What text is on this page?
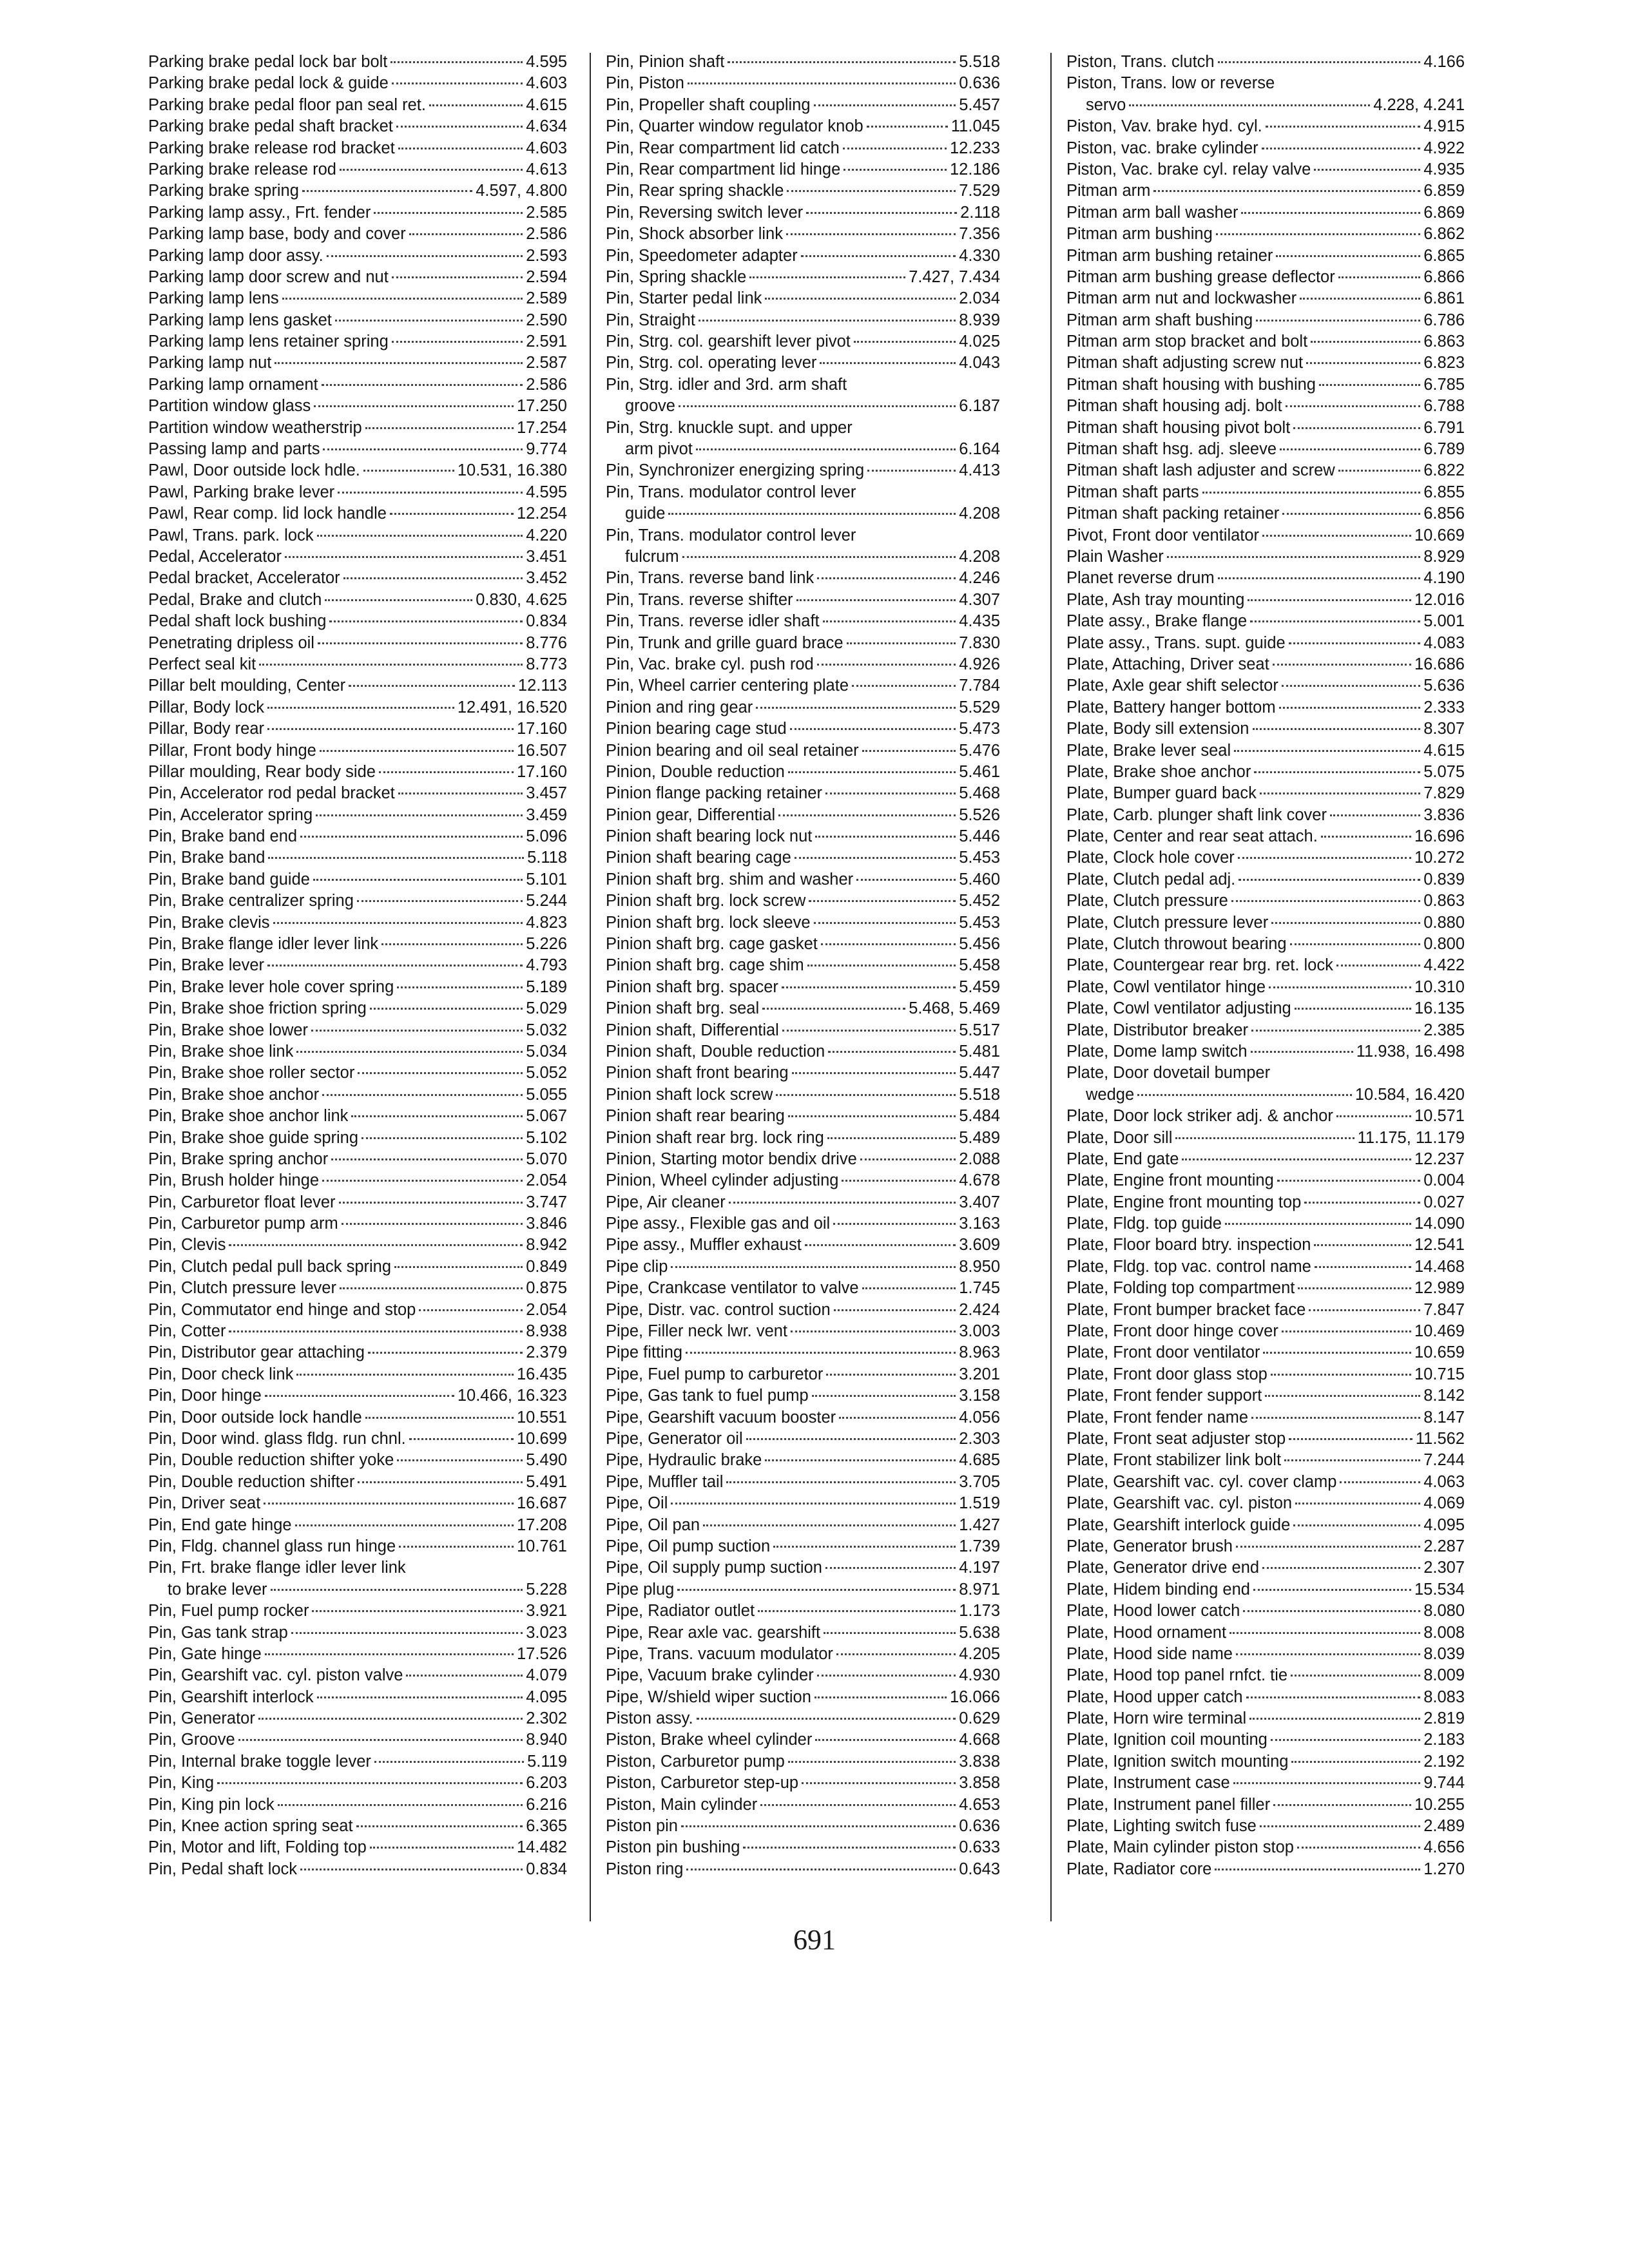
Parking brake pedal lock bar bolt	4.595
Parking brake pedal lock & guide	4.603
Parking brake pedal floor pan seal ret.	4.615
Parking brake pedal shaft bracket	4.634
Parking brake release rod bracket	4.603
Parking brake release rod	4.613
Parking brake spring	4.597, 4.800
Parking lamp assy., Frt. fender	2.585
Parking lamp base, body and cover	2.586
Parking lamp door assy.	2.593
Parking lamp door screw and nut	2.594
Parking lamp lens	2.589
Parking lamp lens gasket	2.590
Parking lamp lens retainer spring	2.591
Parking lamp nut	2.587
Parking lamp ornament	2.586
Partition window glass	17.250
Partition window weatherstrip	17.254
Passing lamp and parts	9.774
Pawl, Door outside lock hdle.	10.531, 16.380
Pawl, Parking brake lever	4.595
Pawl, Rear comp. lid lock handle	12.254
Pawl, Trans. park. lock	4.220
Pedal, Accelerator	3.451
Pedal bracket, Accelerator	3.452
Pedal, Brake and clutch	0.830, 4.625
Pedal shaft lock bushing	0.834
Penetrating dripless oil	8.776
Perfect seal kit	8.773
Pillar belt moulding, Center	12.113
Pillar, Body lock	12.491, 16.520
Pillar, Body rear	17.160
Pillar, Front body hinge	16.507
Pillar moulding, Rear body side	17.160
Pin, Accelerator rod pedal bracket	3.457
Pin, Accelerator spring	3.459
Pin, Brake band end	5.096
Pin, Brake band	5.118
Pin, Brake band guide	5.101
Pin, Brake centralizer spring	5.244
Pin, Brake clevis	4.823
Pin, Brake flange idler lever link	5.226
Pin, Brake lever	4.793
Pin, Brake lever hole cover spring	5.189
Pin, Brake shoe friction spring	5.029
Pin, Brake shoe lower	5.032
Pin, Brake shoe link	5.034
Pin, Brake shoe roller sector	5.052
Pin, Brake shoe anchor	5.055
Pin, Brake shoe anchor link	5.067
Pin, Brake shoe guide spring	5.102
Pin, Brake spring anchor	5.070
Pin, Brush holder hinge	2.054
Pin, Carburetor float lever	3.747
Pin, Carburetor pump arm	3.846
Pin, Clevis	8.942
Pin, Clutch pedal pull back spring	0.849
Pin, Clutch pressure lever	0.875
Pin, Commutator end hinge and stop	2.054
Pin, Cotter	8.938
Pin, Distributor gear attaching	2.379
Pin, Door check link	16.435
Pin, Door hinge	10.466, 16.323
Pin, Door outside lock handle	10.551
Pin, Door wind. glass fldg. run chnl.	10.699
Pin, Double reduction shifter yoke	5.490
Pin, Double reduction shifter	5.491
Pin, Driver seat	16.687
Pin, End gate hinge	17.208
Pin, Fldg. channel glass run hinge	10.761
Pin, Frt. brake flange idler lever link
to brake lever	5.228
Pin, Fuel pump rocker	3.921
Pin, Gas tank strap	3.023
Pin, Gate hinge	17.526
Pin, Gearshift vac. cyl. piston valve	4.079
Pin, Gearshift interlock	4.095
Pin, Generator	2.302
Pin, Groove	8.940
Pin, Internal brake toggle lever	5.119
Pin, King	6.203
Pin, King pin lock	6.216
Pin, Knee action spring seat	6.365
Pin, Motor and lift, Folding top	14.482
Pin, Pedal shaft lock	0.834
Pin, Pinion shaft	5.518
Pin, Piston	0.636
Pin, Propeller shaft coupling	5.457
Pin, Quarter window regulator knob	11.045
Pin, Rear compartment lid catch	12.233
Pin, Rear compartment lid hinge	12.186
Pin, Rear spring shackle	7.529
Pin, Reversing switch lever	2.118
Pin, Shock absorber link	7.356
Pin, Speedometer adapter	4.330
Pin, Spring shackle	7.427, 7.434
Pin, Starter pedal link	2.034
Pin, Straight	8.939
Pin, Strg. col. gearshift lever pivot	4.025
Pin, Strg. col. operating lever	4.043
Pin, Strg. idler and 3rd. arm shaft
groove	6.187
Pin, Strg. knuckle supt. and upper
arm pivot	6.164
Pin, Synchronizer energizing spring	4.413
Pin, Trans. modulator control lever
guide	4.208
Pin, Trans. modulator control lever
fulcrum	4.208
Pin, Trans. reverse band link	4.246
Pin, Trans. reverse shifter	4.307
Pin, Trans. reverse idler shaft	4.435
Pin, Trunk and grille guard brace	7.830
Pin, Vac. brake cyl. push rod	4.926
Pin, Wheel carrier centering plate	7.784
Pinion and ring gear	5.529
Pinion bearing cage stud	5.473
Pinion bearing and oil seal retainer	5.476
Pinion, Double reduction	5.461
Pinion flange packing retainer	5.468
Pinion gear, Differential	5.526
Pinion shaft bearing lock nut	5.446
Pinion shaft bearing cage	5.453
Pinion shaft brg. shim and washer	5.460
Pinion shaft brg. lock screw	5.452
Pinion shaft brg. lock sleeve	5.453
Pinion shaft brg. cage gasket	5.456
Pinion shaft brg. cage shim	5.458
Pinion shaft brg. spacer	5.459
Pinion shaft brg. seal	5.468, 5.469
Pinion shaft, Differential	5.517
Pinion shaft, Double reduction	5.481
Pinion shaft front bearing	5.447
Pinion shaft lock screw	5.518
Pinion shaft rear bearing	5.484
Pinion shaft rear brg. lock ring	5.489
Pinion, Starting motor bendix drive	2.088
Pinion, Wheel cylinder adjusting	4.678
Pipe, Air cleaner	3.407
Pipe assy., Flexible gas and oil	3.163
Pipe assy., Muffler exhaust	3.609
Pipe clip	8.950
Pipe, Crankcase ventilator to valve	1.745
Pipe, Distr. vac. control suction	2.424
Pipe, Filler neck lwr. vent	3.003
Pipe fitting	8.963
Pipe, Fuel pump to carburetor	3.201
Pipe, Gas tank to fuel pump	3.158
Pipe, Gearshift vacuum booster	4.056
Pipe, Generator oil	2.303
Pipe, Hydraulic brake	4.685
Pipe, Muffler tail	3.705
Pipe, Oil	1.519
Pipe, Oil pan	1.427
Pipe, Oil pump suction	1.739
Pipe, Oil supply pump suction	4.197
Pipe plug	8.971
Pipe, Radiator outlet	1.173
Pipe, Rear axle vac. gearshift	5.638
Pipe, Trans. vacuum modulator	4.205
Pipe, Vacuum brake cylinder	4.930
Pipe, W/shield wiper suction	16.066
Piston assy.	0.629
Piston, Brake wheel cylinder	4.668
Piston, Carburetor pump	3.838
Piston, Carburetor step-up	3.858
Piston, Main cylinder	4.653
Piston pin	0.636
Piston pin bushing	0.633
Piston ring	0.643
Piston, Trans. clutch	4.166
Piston, Trans. low or reverse
servo	4.228, 4.241
Piston, Vav. brake hyd. cyl.	4.915
Piston, vac. brake cylinder	4.922
Piston, Vac. brake cyl. relay valve	4.935
Pitman arm	6.859
Pitman arm ball washer	6.869
Pitman arm bushing	6.862
Pitman arm bushing retainer	6.865
Pitman arm bushing grease deflector	6.866
Pitman arm nut and lockwasher	6.861
Pitman arm shaft bushing	6.786
Pitman arm stop bracket and bolt	6.863
Pitman shaft adjusting screw nut	6.823
Pitman shaft housing with bushing	6.785
Pitman shaft housing adj. bolt	6.788
Pitman shaft housing pivot bolt	6.791
Pitman shaft hsg. adj. sleeve	6.789
Pitman shaft lash adjuster and screw	6.822
Pitman shaft parts	6.855
Pitman shaft packing retainer	6.856
Pivot, Front door ventilator	10.669
Plain Washer	8.929
Planet reverse drum	4.190
Plate, Ash tray mounting	12.016
Plate assy., Brake flange	5.001
Plate assy., Trans. supt. guide	4.083
Plate, Attaching, Driver seat	16.686
Plate, Axle gear shift selector	5.636
Plate, Battery hanger bottom	2.333
Plate, Body sill extension	8.307
Plate, Brake lever seal	4.615
Plate, Brake shoe anchor	5.075
Plate, Bumper guard back	7.829
Plate, Carb. plunger shaft link cover	3.836
Plate, Center and rear seat attach.	16.696
Plate, Clock hole cover	10.272
Plate, Clutch pedal adj.	0.839
Plate, Clutch pressure	0.863
Plate, Clutch pressure lever	0.880
Plate, Clutch throwout bearing	0.800
Plate, Countergear rear brg. ret. lock	4.422
Plate, Cowl ventilator hinge	10.310
Plate, Cowl ventilator adjusting	16.135
Plate, Distributor breaker	2.385
Plate, Dome lamp switch	11.938, 16.498
Plate, Door dovetail bumper
wedge	10.584, 16.420
Plate, Door lock striker adj. & anchor	10.571
Plate, Door sill	11.175, 11.179
Plate, End gate	12.237
Plate, Engine front mounting	0.004
Plate, Engine front mounting top	0.027
Plate, Fldg. top guide	14.090
Plate, Floor board btry. inspection	12.541
Plate, Fldg. top vac. control name	14.468
Plate, Folding top compartment	12.989
Plate, Front bumper bracket face	7.847
Plate, Front door hinge cover	10.469
Plate, Front door ventilator	10.659
Plate, Front door glass stop	10.715
Plate, Front fender support	8.142
Plate, Front fender name	8.147
Plate, Front seat adjuster stop	11.562
Plate, Front stabilizer link bolt	7.244
Plate, Gearshift vac. cyl. cover clamp	4.063
Plate, Gearshift vac. cyl. piston	4.069
Plate, Gearshift interlock guide	4.095
Plate, Generator brush	2.287
Plate, Generator drive end	2.307
Plate, Hidem binding end	15.534
Plate, Hood lower catch	8.080
Plate, Hood ornament	8.008
Plate, Hood side name	8.039
Plate, Hood top panel rnfct. tie	8.009
Plate, Hood upper catch	8.083
Plate, Horn wire terminal	2.819
Plate, Ignition coil mounting	2.183
Plate, Ignition switch mounting	2.192
Plate, Instrument case	9.744
Plate, Instrument panel filler	10.255
Plate, Lighting switch fuse	2.489
Plate, Main cylinder piston stop	4.656
Plate, Radiator core	1.270
691
